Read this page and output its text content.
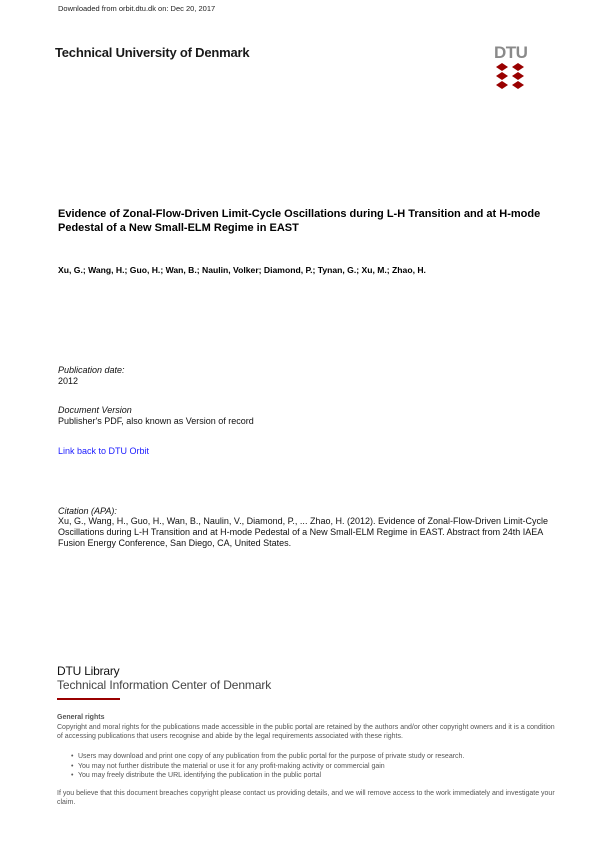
Downloaded from orbit.dtu.dk on: Dec 20, 2017
Technical University of Denmark	DTU
Evidence of Zonal-Flow-Driven Limit-Cycle Oscillations during L-H Transition and at H-mode Pedestal of a New Small-ELM Regime in EAST
Xu, G.; Wang, H.; Guo, H.; Wan, B.; Naulin, Volker; Diamond, P.; Tynan, G.; Xu, M.; Zhao, H.
Publication date:
2012
Document Version
Publisher's PDF, also known as Version of record
Link back to DTU Orbit
Citation (APA):
Xu, G., Wang, H., Guo, H., Wan, B., Naulin, V., Diamond, P., ... Zhao, H. (2012). Evidence of Zonal-Flow-Driven Limit-Cycle Oscillations during L-H Transition and at H-mode Pedestal of a New Small-ELM Regime in EAST. Abstract from 24th IAEA Fusion Energy Conference, San Diego, CA, United States.
DTU Library
Technical Information Center of Denmark
General rights
Copyright and moral rights for the publications made accessible in the public portal are retained by the authors and/or other copyright owners and it is a condition of accessing publications that users recognise and abide by the legal requirements associated with these rights.
• Users may download and print one copy of any publication from the public portal for the purpose of private study or research.
• You may not further distribute the material or use it for any profit-making activity or commercial gain
• You may freely distribute the URL identifying the publication in the public portal
If you believe that this document breaches copyright please contact us providing details, and we will remove access to the work immediately and investigate your claim.
